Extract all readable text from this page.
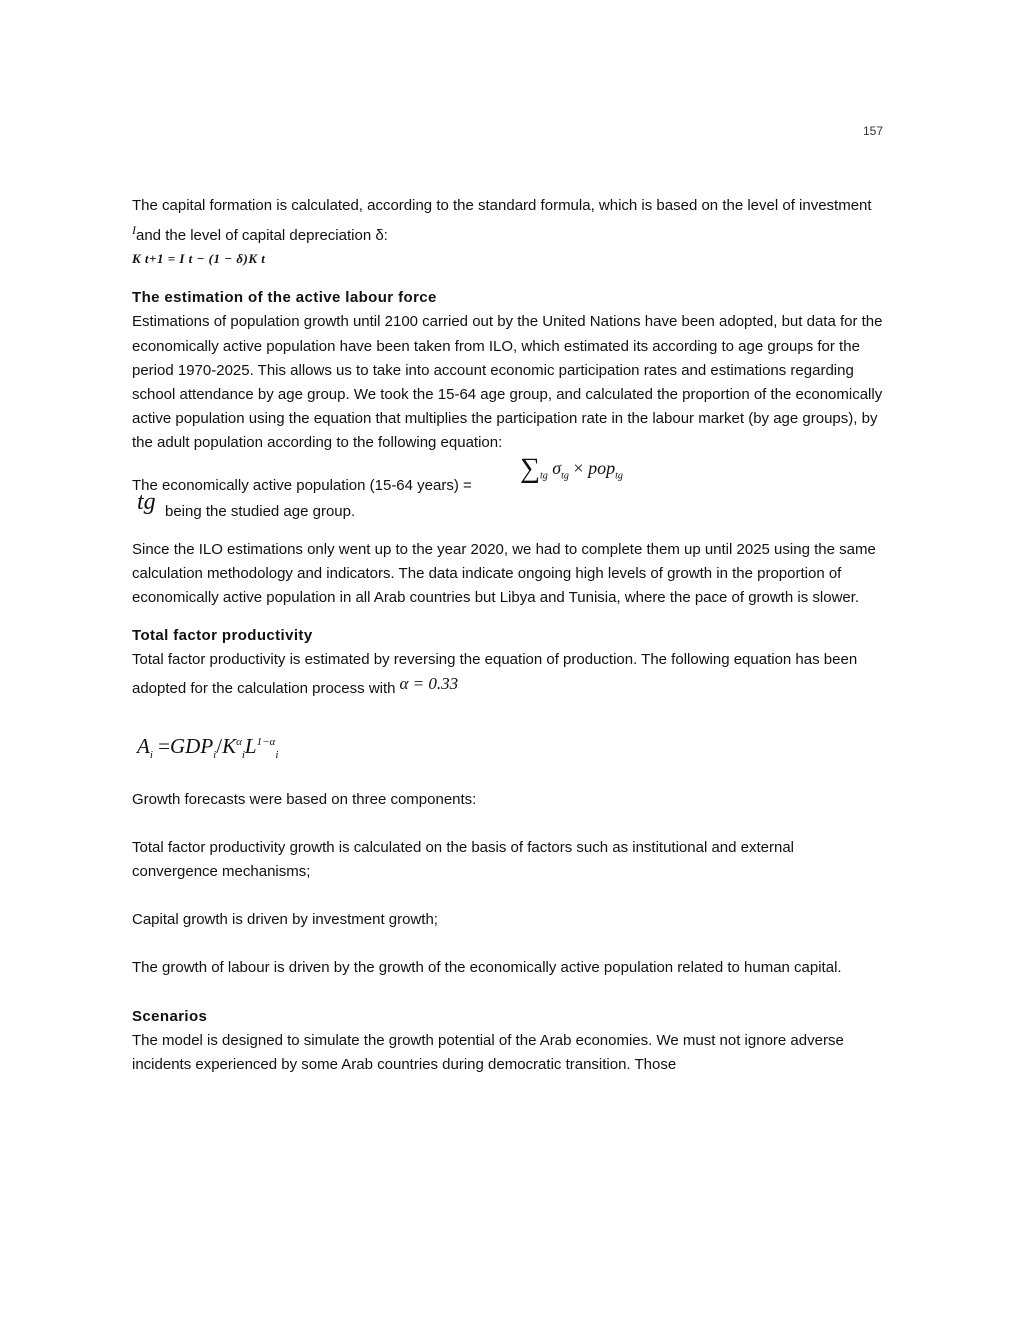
157

The capital formation is calculated, according to the standard formula, which is based on the level of investment $^I$and the level of capital depreciation δ:

K t+1 = I t − (1 − δ)K t
The estimation of the active labour force

Estimations of population growth until 2100 carried out by the United Nations have been adopted, but data for the economically active population have been taken from ILO, which estimated its according to age groups for the period 1970-2025. This allows us to take into account economic participation rates and estimations regarding school attendance by age group. We took the 15-64 age group, and calculated the proportion of the economically active population using the equation that multiplies the participation rate in the labour market (by age groups), by the adult population according to the following equation:

The economically active population (15-64 years) =
$\sum_{tg}$ $\sigma_{tg} \times pop_{tg}$
tg being the studied age group.

Since the ILO estimations only went up to the year 2020, we had to complete them up until 2025 using the same calculation methodology and indicators. The data indicate ongoing high levels of growth in the proportion of economically active population in all Arab countries but Libya and Tunisia, where the pace of growth is slower.

Total factor productivity

Total factor productivity is estimated by reversing the equation of production. The following equation has been adopted for the calculation process with α = 0.33

$A_i =GDP_i/K^\alpha_iL^{1-\alpha}_i$

Growth forecasts were based on three components:

Total factor productivity growth is calculated on the basis of factors such as institutional and external convergence mechanisms;

Capital growth is driven by investment growth;

The growth of labour is driven by the growth of the economically active population related to human capital.

Scenarios

The model is designed to simulate the growth potential of the Arab economies. We must not ignore adverse incidents experienced by some Arab countries during democratic transition. Those
